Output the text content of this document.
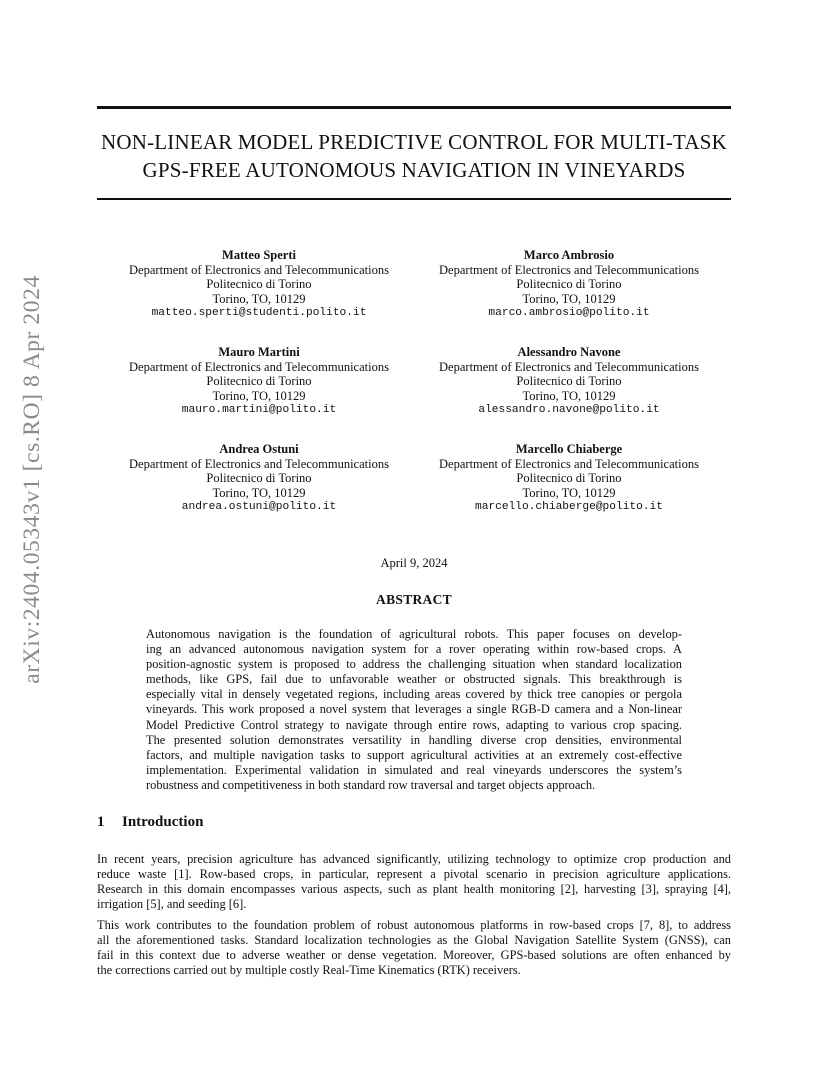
arXiv:2404.05343v1 [cs.RO] 8 Apr 2024
NON-LINEAR MODEL PREDICTIVE CONTROL FOR MULTI-TASK
GPS-FREE AUTONOMOUS NAVIGATION IN VINEYARDS
Matteo Sperti
Department of Electronics and Telecommunications
Politecnico di Torino
Torino, TO, 10129
matteo.sperti@studenti.polito.it
Marco Ambrosio
Department of Electronics and Telecommunications
Politecnico di Torino
Torino, TO, 10129
marco.ambrosio@polito.it
Mauro Martini
Department of Electronics and Telecommunications
Politecnico di Torino
Torino, TO, 10129
mauro.martini@polito.it
Alessandro Navone
Department of Electronics and Telecommunications
Politecnico di Torino
Torino, TO, 10129
alessandro.navone@polito.it
Andrea Ostuni
Department of Electronics and Telecommunications
Politecnico di Torino
Torino, TO, 10129
andrea.ostuni@polito.it
Marcello Chiaberge
Department of Electronics and Telecommunications
Politecnico di Torino
Torino, TO, 10129
marcello.chiaberge@polito.it
April 9, 2024
ABSTRACT
Autonomous navigation is the foundation of agricultural robots. This paper focuses on develop-
ing an advanced autonomous navigation system for a rover operating within row-based crops. A
position-agnostic system is proposed to address the challenging situation when standard localization
methods, like GPS, fail due to unfavorable weather or obstructed signals. This breakthrough is
especially vital in densely vegetated regions, including areas covered by thick tree canopies or pergola
vineyards. This work proposed a novel system that leverages a single RGB-D camera and a Non-linear
Model Predictive Control strategy to navigate through entire rows, adapting to various crop spacing.
The presented solution demonstrates versatility in handling diverse crop densities, environmental
factors, and multiple navigation tasks to support agricultural activities at an extremely cost-effective
implementation. Experimental validation in simulated and real vineyards underscores the system’s
robustness and competitiveness in both standard row traversal and target objects approach.
1 Introduction
In recent years, precision agriculture has advanced significantly, utilizing technology to optimize crop production and
reduce waste [1]. Row-based crops, in particular, represent a pivotal scenario in precision agriculture applications.
Research in this domain encompasses various aspects, such as plant health monitoring [2], harvesting [3], spraying [4],
irrigation [5], and seeding [6].
This work contributes to the foundation problem of robust autonomous platforms in row-based crops [7, 8], to address
all the aforementioned tasks. Standard localization technologies as the Global Navigation Satellite System (GNSS), can
fail in this context due to adverse weather or dense vegetation. Moreover, GPS-based solutions are often enhanced by
the corrections carried out by multiple costly Real-Time Kinematics (RTK) receivers.
